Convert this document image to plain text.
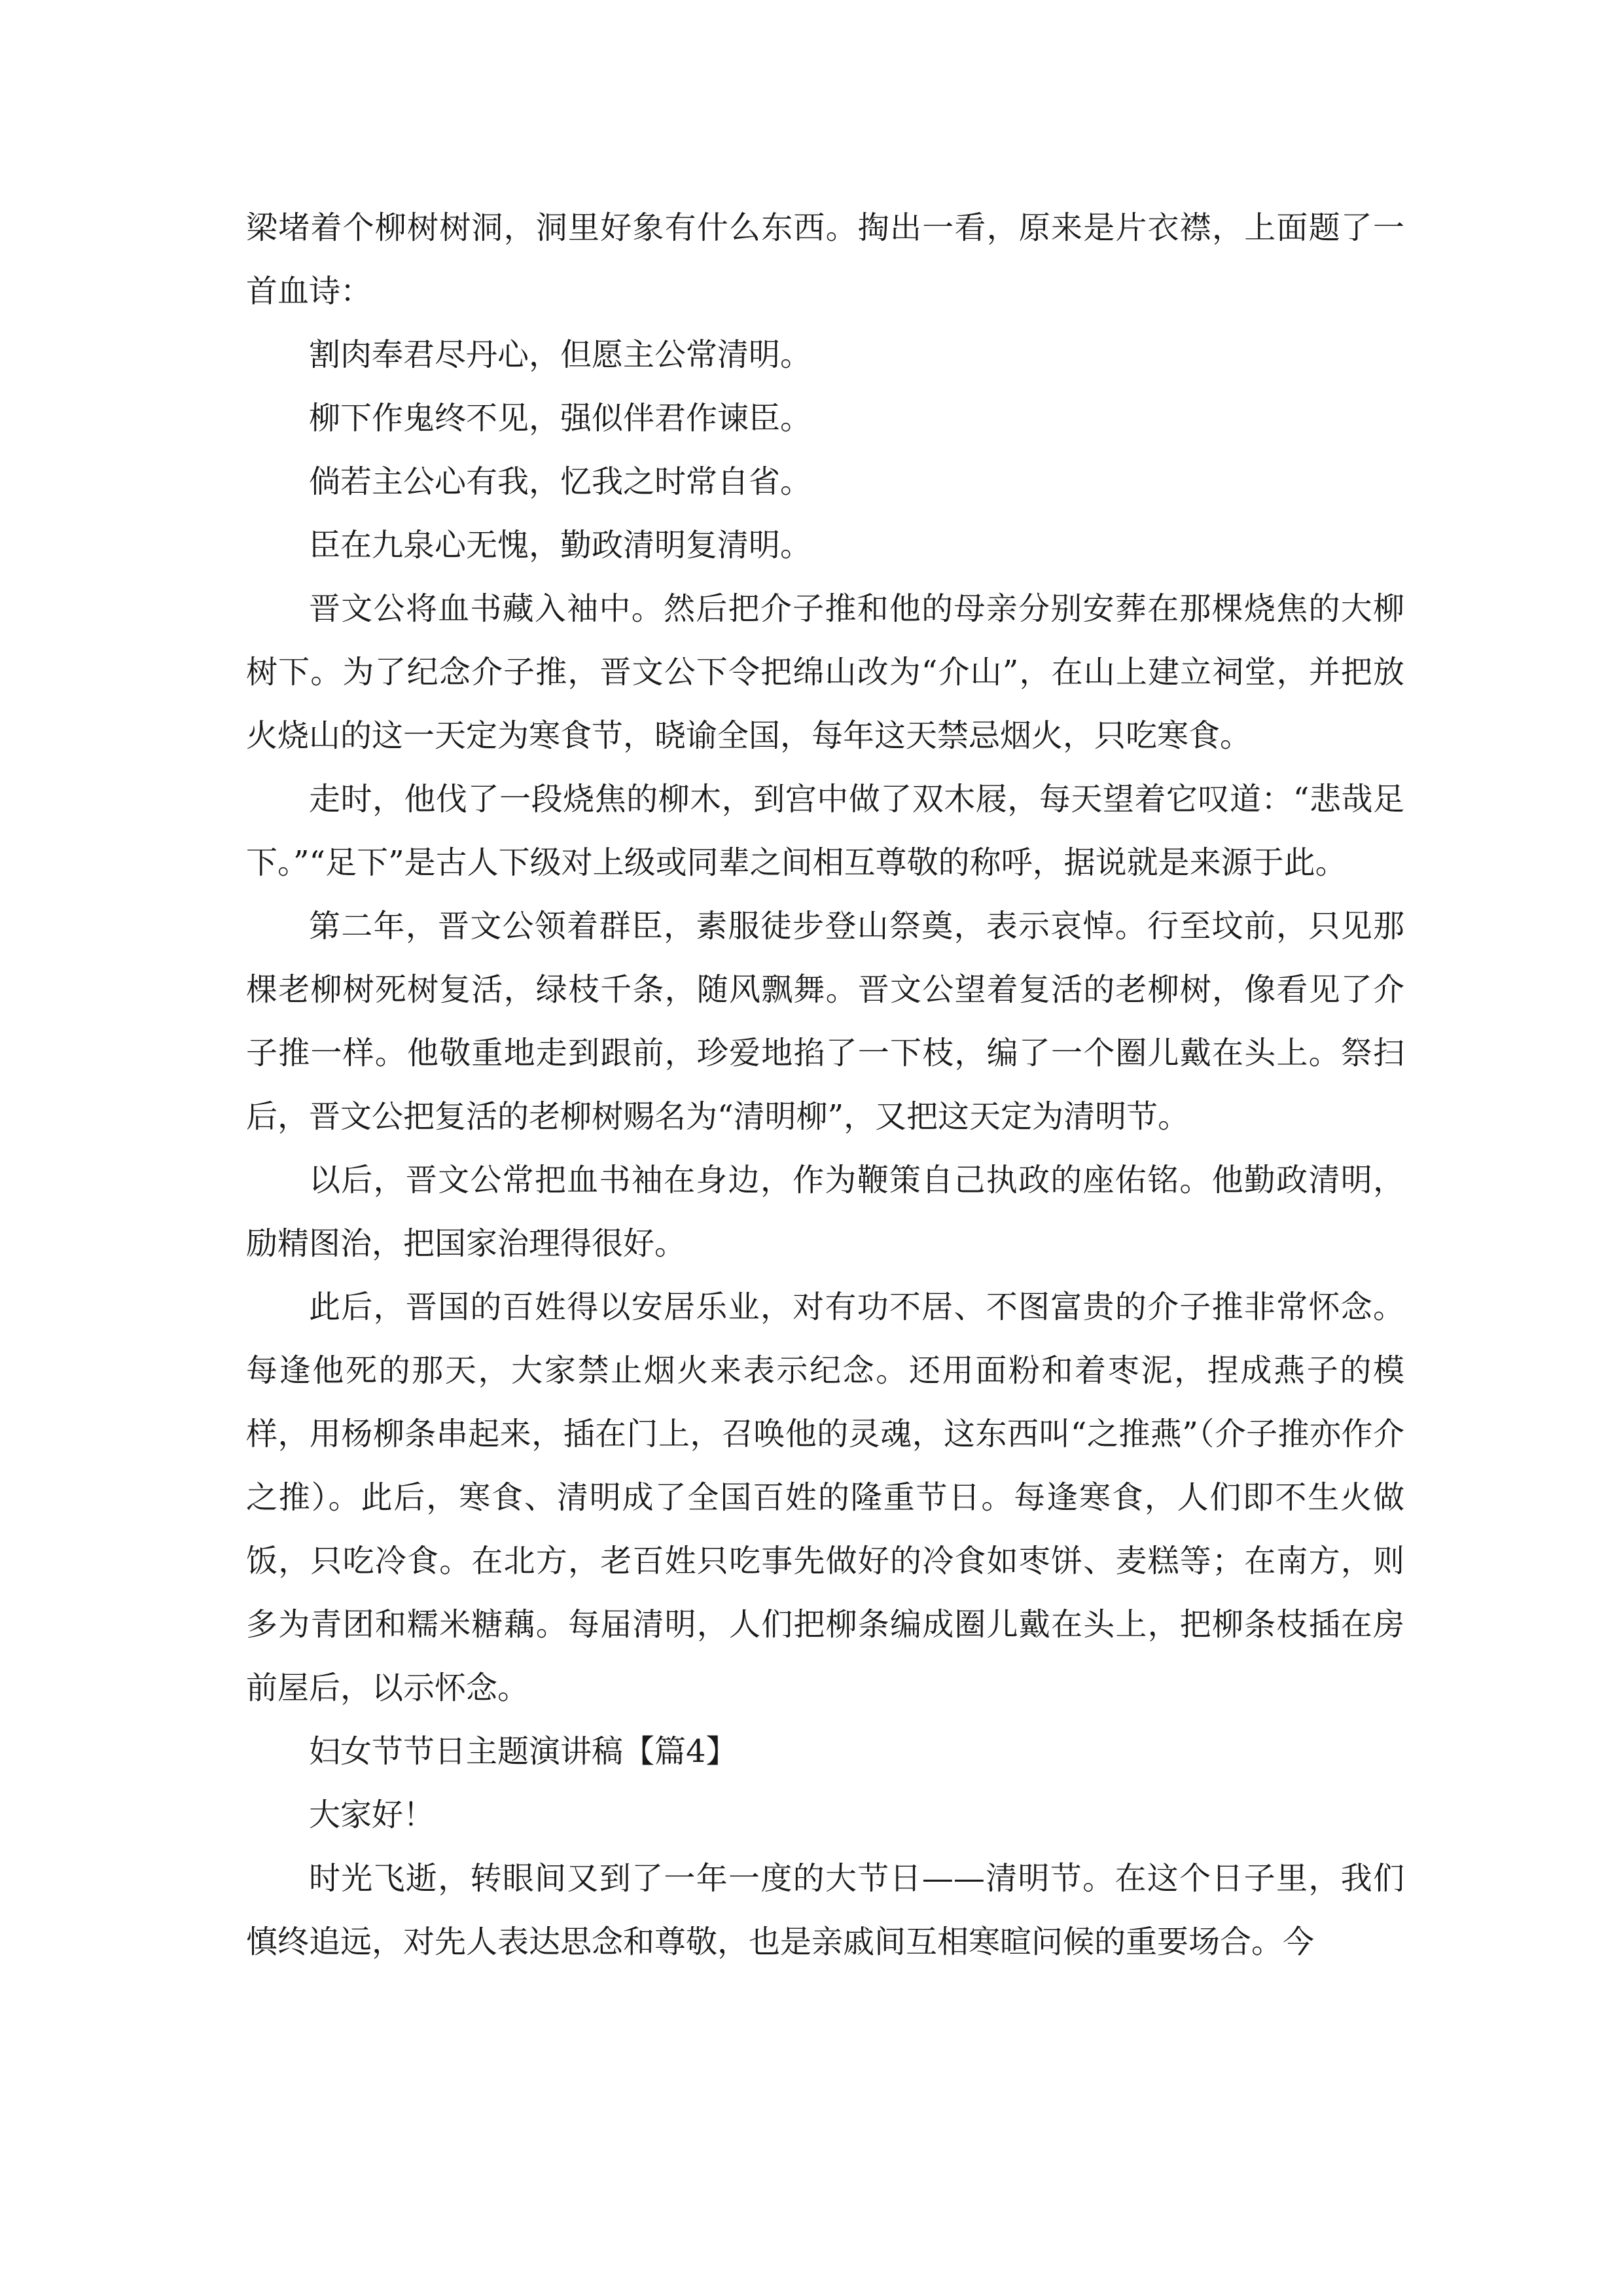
梁堵着个柳树树洞，洞里好象有什么东西。掏出一看，原来是片衣襟，上面题了一首血诗：

割肉奉君尽丹心，但愿主公常清明。

柳下作鬼终不见，强似伴君作谏臣。

倘若主公心有我，忆我之时常自省。

臣在九泉心无愧，勤政清明复清明。

晋文公将血书藏入袖中。然后把介子推和他的母亲分别安葬在那棵烧焦的大柳树下。为了纪念介子推，晋文公下令把绵山改为“介山”，在山上建立祠堂，并把放火烧山的这一天定为寒食节，晓谕全国，每年这天禁忌烟火，只吃寒食。

走时，他伐了一段烧焦的柳木，到宫中做了双木屐，每天望着它叹道：“悲哉足下。”“足下”是古人下级对上级或同辈之间相互尊敬的称呼，据说就是来源于此。

第二年，晋文公领着群臣，素服徒步登山祭奠，表示哀悼。行至坟前，只见那棵老柳树死树复活，绿枝千条，随风飘舞。晋文公望着复活的老柳树，像看见了介子推一样。他敬重地走到跟前，珍爱地掐了一下枝，编了一个圈儿戴在头上。祭扫后，晋文公把复活的老柳树赐名为“清明柳”，又把这天定为清明节。

以后，晋文公常把血书袖在身边，作为鞭策自己执政的座佑铭。他勤政清明，励精图治，把国家治理得很好。

此后，晋国的百姓得以安居乐业，对有功不居、不图富贵的介子推非常怀念。每逢他死的那天，大家禁止烟火来表示纪念。还用面粉和着枣泥，捏成燕子的模样，用杨柳条串起来，插在门上，召唤他的灵魂，这东西叫“之推燕”（介子推亦作介之推）。此后，寒食、清明成了全国百姓的隆重节日。每逢寒食，人们即不生火做饭，只吃冷食。在北方，老百姓只吃事先做好的冷食如枣饼、麦糕等；在南方，则多为青团和糯米糖藕。每届清明，人们把柳条编成圈儿戴在头上，把柳条枝插在房前屋后，以示怀念。

妇女节节日主题演讲稿【篇4】

大家好！

时光飞逝，转眼间又到了一年一度的大节日——清明节。在这个日子里，我们慎终追远，对先人表达思念和尊敬，也是亲戚间互相寒暄问候的重要场合。今
